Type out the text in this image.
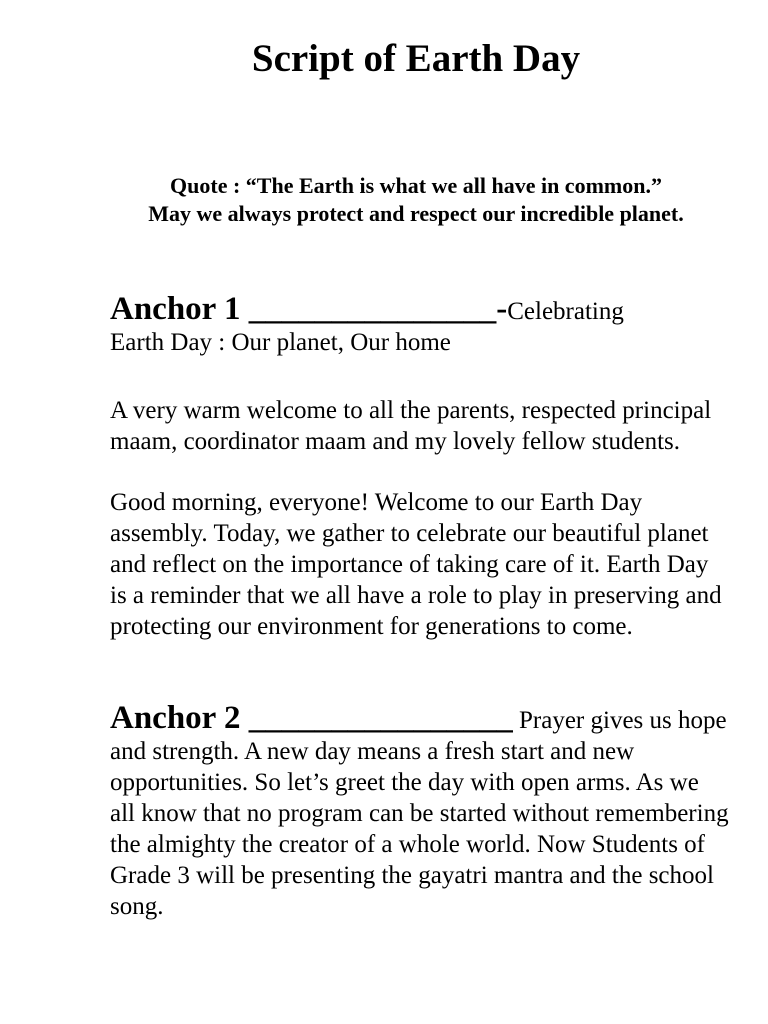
Script of Earth Day

Quote : “The Earth is what we all have in common.”
May we always protect and respect our incredible planet.

Anchor 1 _______________-Celebrating
Earth Day : Our planet, Our home

A very warm welcome to all the parents, respected principal maam, coordinator maam and my lovely fellow students.

Good morning, everyone! Welcome to our Earth Day assembly. Today, we gather to celebrate our beautiful planet and reflect on the importance of taking care of it. Earth Day is a reminder that we all have a role to play in preserving and protecting our environment for generations to come.

Anchor 2 ________________ Prayer gives us hope and strength. A new day means a fresh start and new opportunities. So let’s greet the day with open arms. As we all know that no program can be started without remembering the almighty the creator of a whole world. Now Students of Grade 3 will be presenting the gayatri mantra and the school song.
